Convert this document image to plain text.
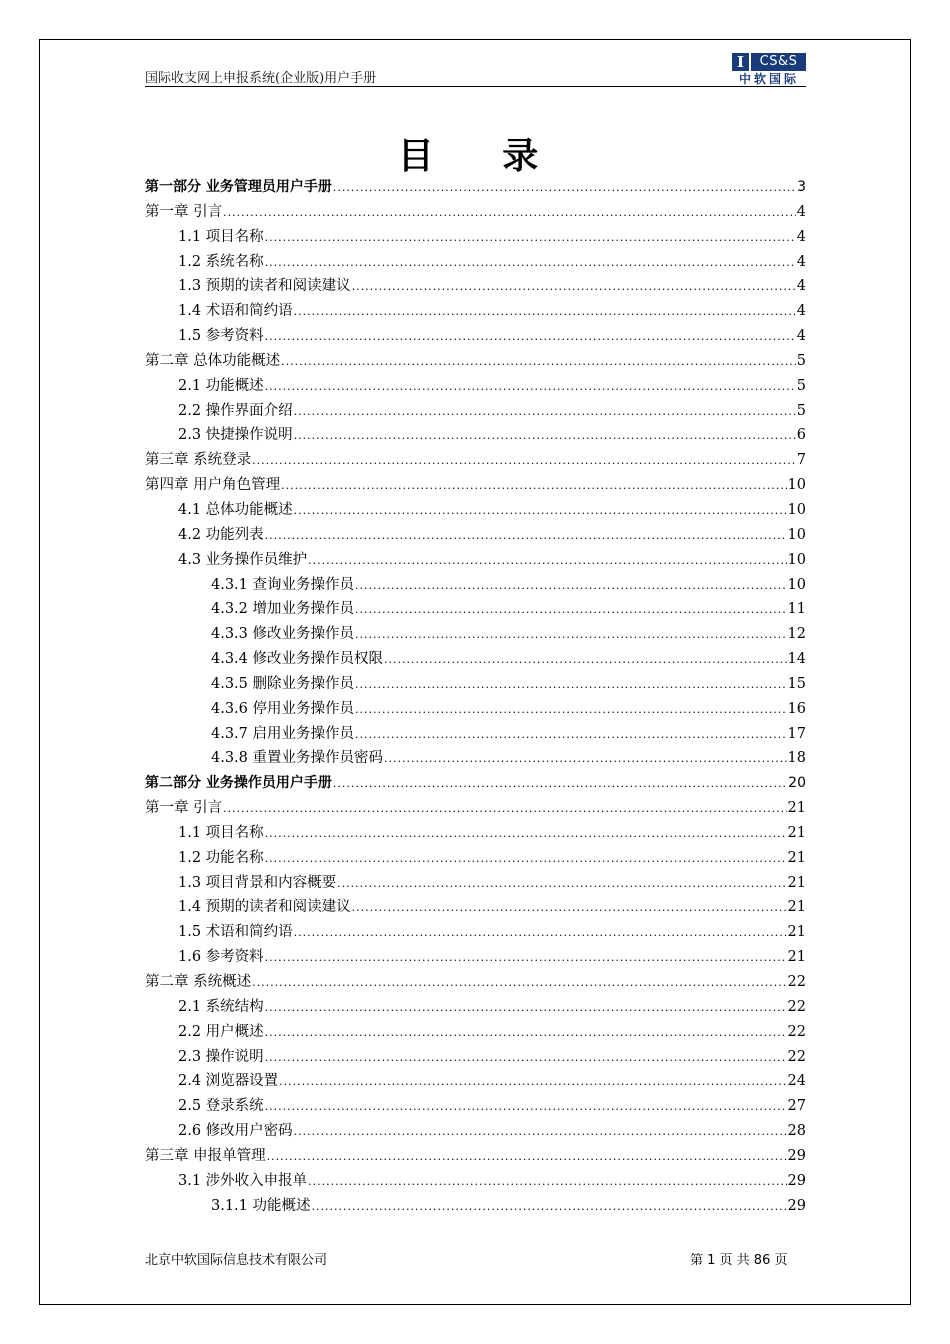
国际收支网上申报系统(企业版)用户手册
I	CS&S
中软国际
目 录
第一部分 业务管理员用户手册 .....	3
第一章 引言 .....	4
1.1 项目名称 .....	4
1.2 系统名称 .....	4
1.3 预期的读者和阅读建议 .....	4
1.4 术语和简约语 .....	4
1.5 参考资料 .....	4
第二章 总体功能概述 .....	5
2.1 功能概述 .....	5
2.2 操作界面介绍 .....	5
2.3 快捷操作说明 .....	6
第三章 系统登录 .....	7
第四章 用户角色管理 .....	10
4.1 总体功能概述 .....	10
4.2 功能列表 .....	10
4.3 业务操作员维护 .....	10
4.3.1 查询业务操作员 .....	10
4.3.2 增加业务操作员 .....	11
4.3.3 修改业务操作员 .....	12
4.3.4 修改业务操作员权限 .....	14
4.3.5 删除业务操作员 .....	15
4.3.6 停用业务操作员 .....	16
4.3.7 启用业务操作员 .....	17
4.3.8 重置业务操作员密码 .....	18
第二部分 业务操作员用户手册 .....	20
第一章 引言 .....	21
1.1 项目名称 .....	21
1.2 功能名称 .....	21
1.3 项目背景和内容概要 .....	21
1.4 预期的读者和阅读建议 .....	21
1.5 术语和简约语 .....	21
1.6 参考资料 .....	21
第二章 系统概述 .....	22
2.1 系统结构 .....	22
2.2 用户概述 .....	22
2.3 操作说明 .....	22
2.4 浏览器设置 .....	24
2.5 登录系统 .....	27
2.6 修改用户密码 .....	28
第三章 申报单管理 .....	29
3.1 涉外收入申报单 .....	29
3.1.1 功能概述 .....	29
北京中软国际信息技术有限公司	第 1 页 共 86 页
